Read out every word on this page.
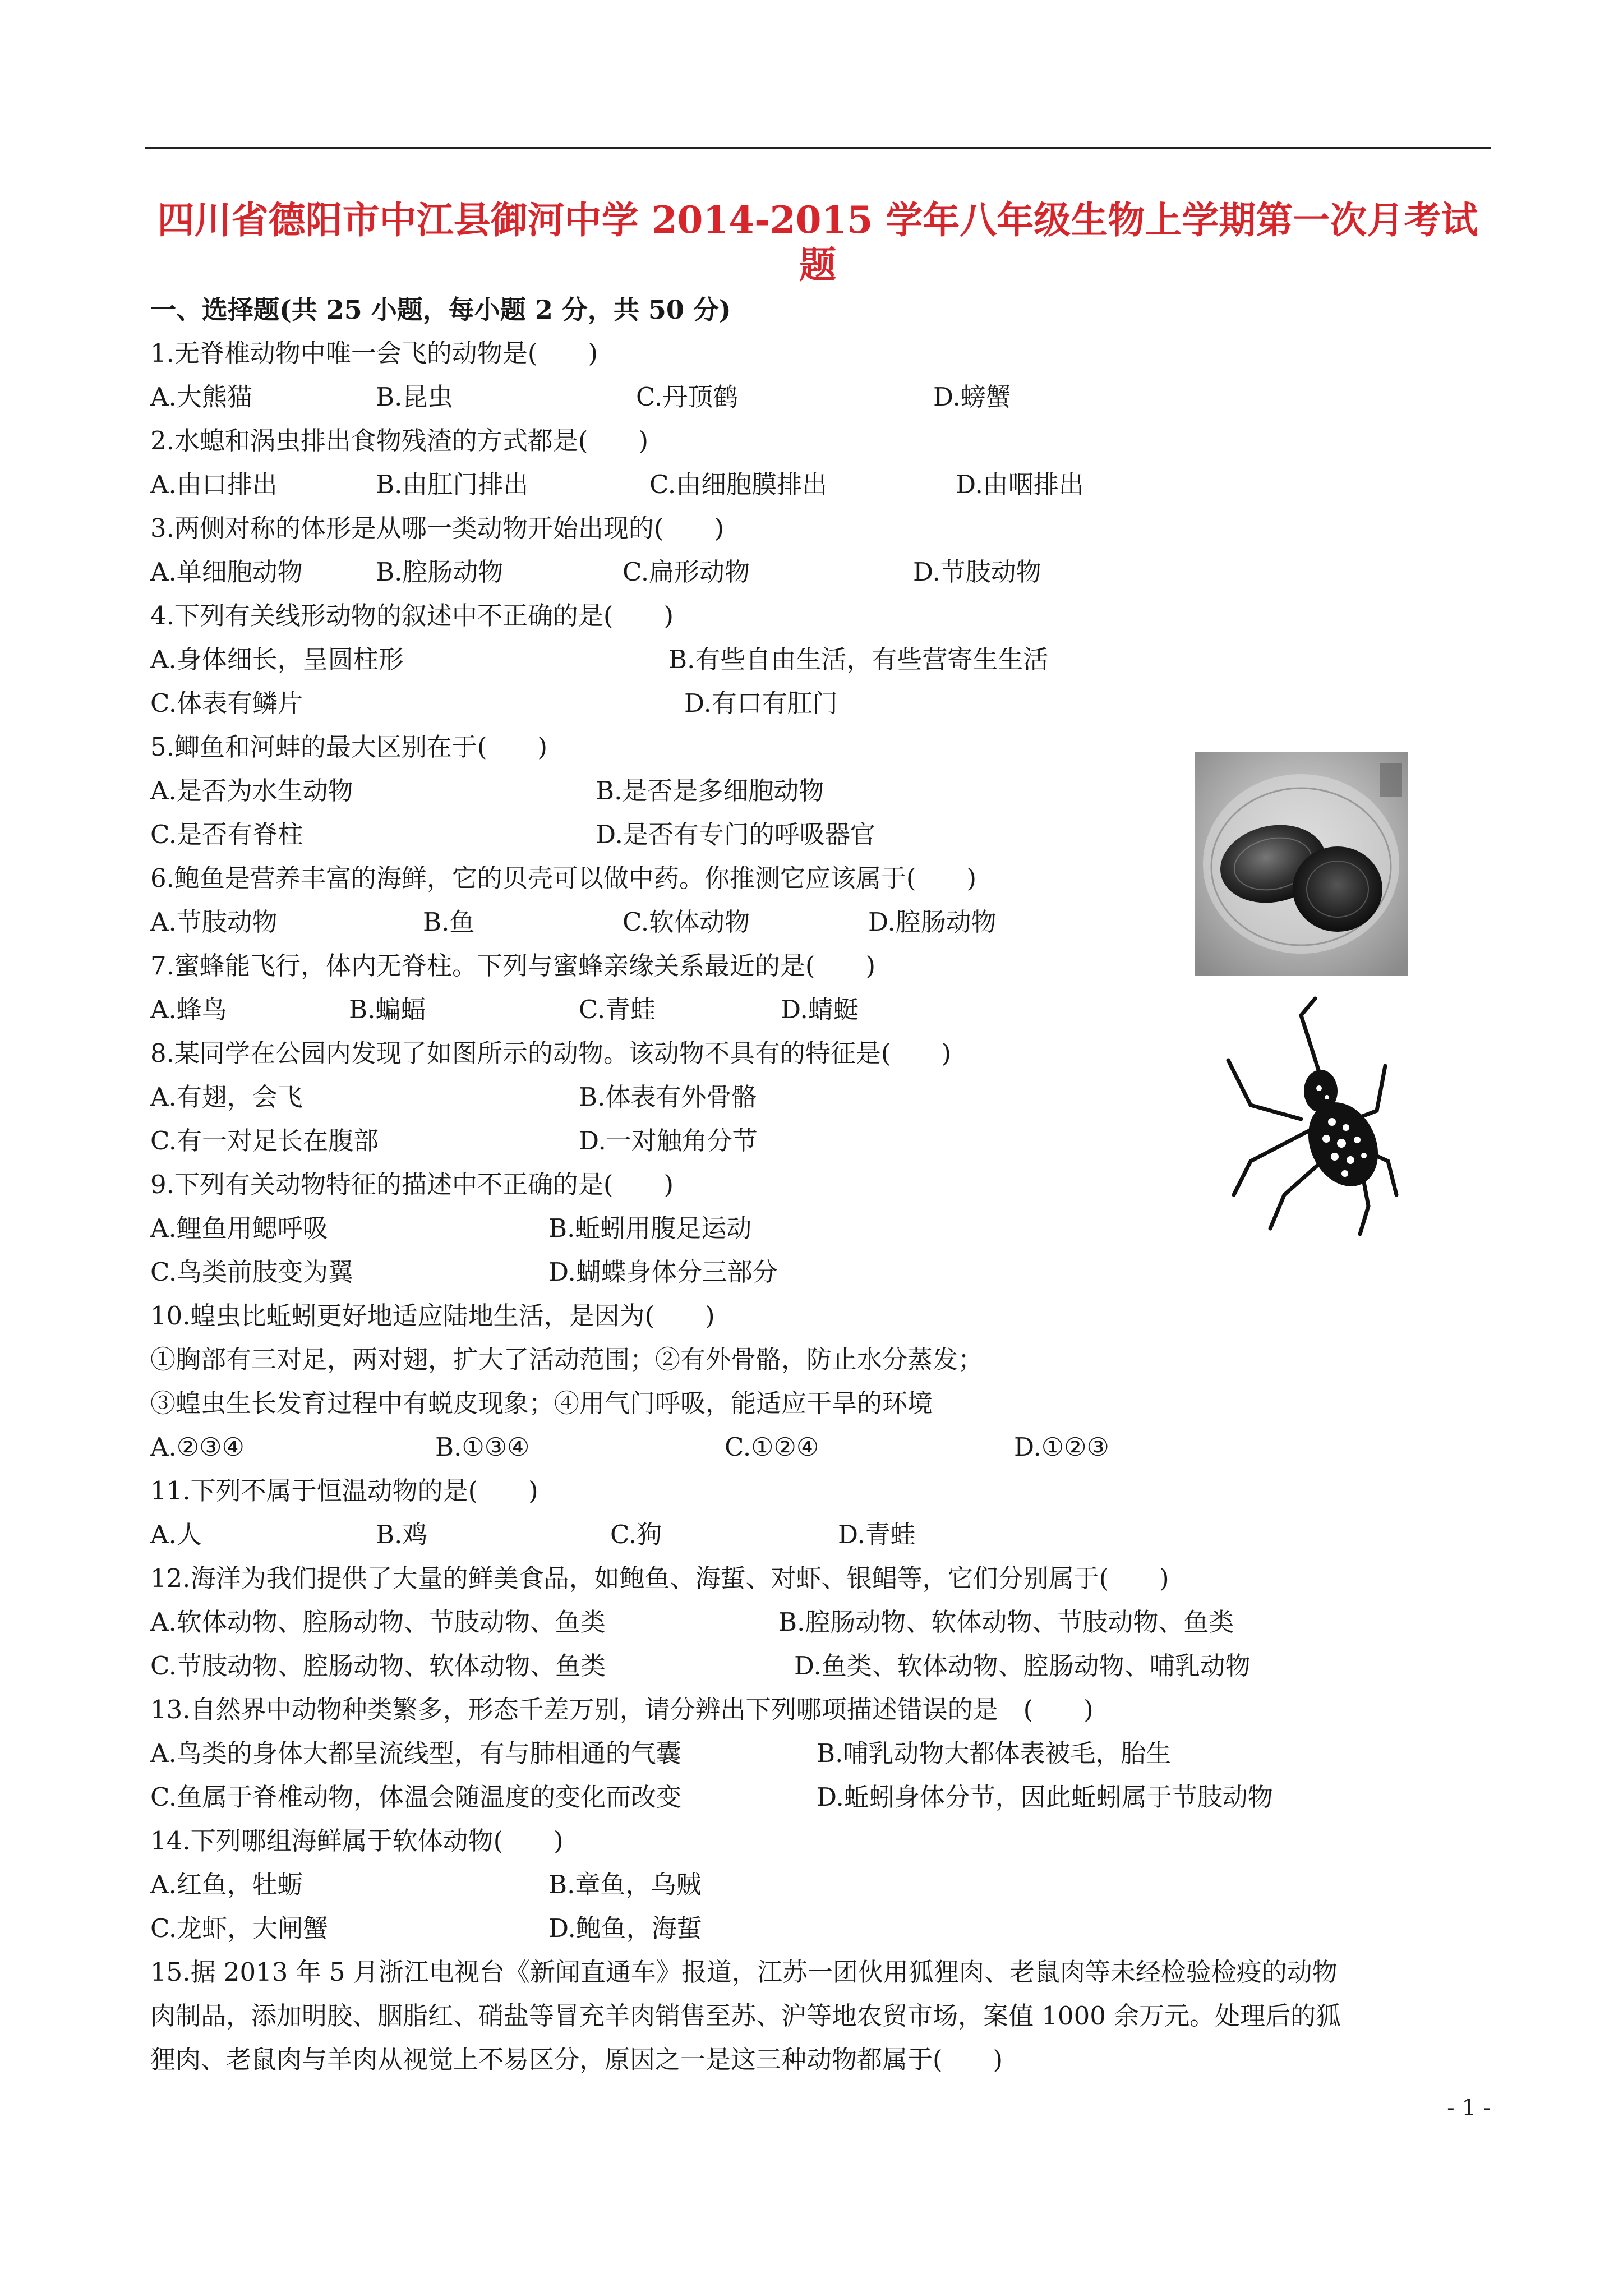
四川省德阳市中江县御河中学 2014-2015 学年八年级生物上学期第一次月考试
题
一、选择题(共 25 小题，每小题 2 分，共 50 分)
1.无脊椎动物中唯一会飞的动物是(　　)
A.大熊猫	B.昆虫	C.丹顶鹤	D.螃蟹
2.水螅和涡虫排出食物残渣的方式都是(　　)
A.由口排出	B.由肛门排出	C.由细胞膜排出	D.由咽排出
3.两侧对称的体形是从哪一类动物开始出现的(　　)
A.单细胞动物	B.腔肠动物	C.扁形动物	D.节肢动物
4.下列有关线形动物的叙述中不正确的是(　　)
A.身体细长，呈圆柱形	B.有些自由生活，有些营寄生生活
C.体表有鳞片	D.有口有肛门
5.鲫鱼和河蚌的最大区别在于(　　)
A.是否为水生动物	B.是否是多细胞动物
C.是否有脊柱	D.是否有专门的呼吸器官
6.鲍鱼是营养丰富的海鲜，它的贝壳可以做中药。你推测它应该属于(　　)
A.节肢动物	B.鱼	C.软体动物	D.腔肠动物
7.蜜蜂能飞行，体内无脊柱。下列与蜜蜂亲缘关系最近的是(　　)
A.蜂鸟	B.蝙蝠	C.青蛙	D.蜻蜓
8.某同学在公园内发现了如图所示的动物。该动物不具有的特征是(　　)
A.有翅，会飞	B.体表有外骨骼
C.有一对足长在腹部	D.一对触角分节
9.下列有关动物特征的描述中不正确的是(　　)
A.鲤鱼用鳃呼吸	B.蚯蚓用腹足运动
C.鸟类前肢变为翼	D.蝴蝶身体分三部分
10.蝗虫比蚯蚓更好地适应陆地生活，是因为(　　)
①胸部有三对足，两对翅，扩大了活动范围；②有外骨骼，防止水分蒸发；
③蝗虫生长发育过程中有蜕皮现象；④用气门呼吸，能适应干旱的环境
A.②③④	B.①③④	C.①②④	D.①②③
11.下列不属于恒温动物的是(　　)
A.人	B.鸡	C.狗	D.青蛙
12.海洋为我们提供了大量的鲜美食品，如鲍鱼、海蜇、对虾、银鲳等，它们分别属于(　　)
A.软体动物、腔肠动物、节肢动物、鱼类	B.腔肠动物、软体动物、节肢动物、鱼类
C.节肢动物、腔肠动物、软体动物、鱼类	D.鱼类、软体动物、腔肠动物、哺乳动物
13.自然界中动物种类繁多，形态千差万别，请分辨出下列哪项描述错误的是　(　　)
A.鸟类的身体大都呈流线型，有与肺相通的气囊	B.哺乳动物大都体表被毛，胎生
C.鱼属于脊椎动物，体温会随温度的变化而改变	D.蚯蚓身体分节，因此蚯蚓属于节肢动物
14.下列哪组海鲜属于软体动物(　　)
A.红鱼，牡蛎	B.章鱼，乌贼
C.龙虾，大闸蟹	D.鲍鱼，海蜇
15.据 2013 年 5 月浙江电视台《新闻直通车》报道，江苏一团伙用狐狸肉、老鼠肉等未经检验检疫的动物
肉制品，添加明胶、胭脂红、硝盐等冒充羊肉销售至苏、沪等地农贸市场，案值 1000 余万元。处理后的狐
狸肉、老鼠肉与羊肉从视觉上不易区分，原因之一是这三种动物都属于(　　)
- 1 -
